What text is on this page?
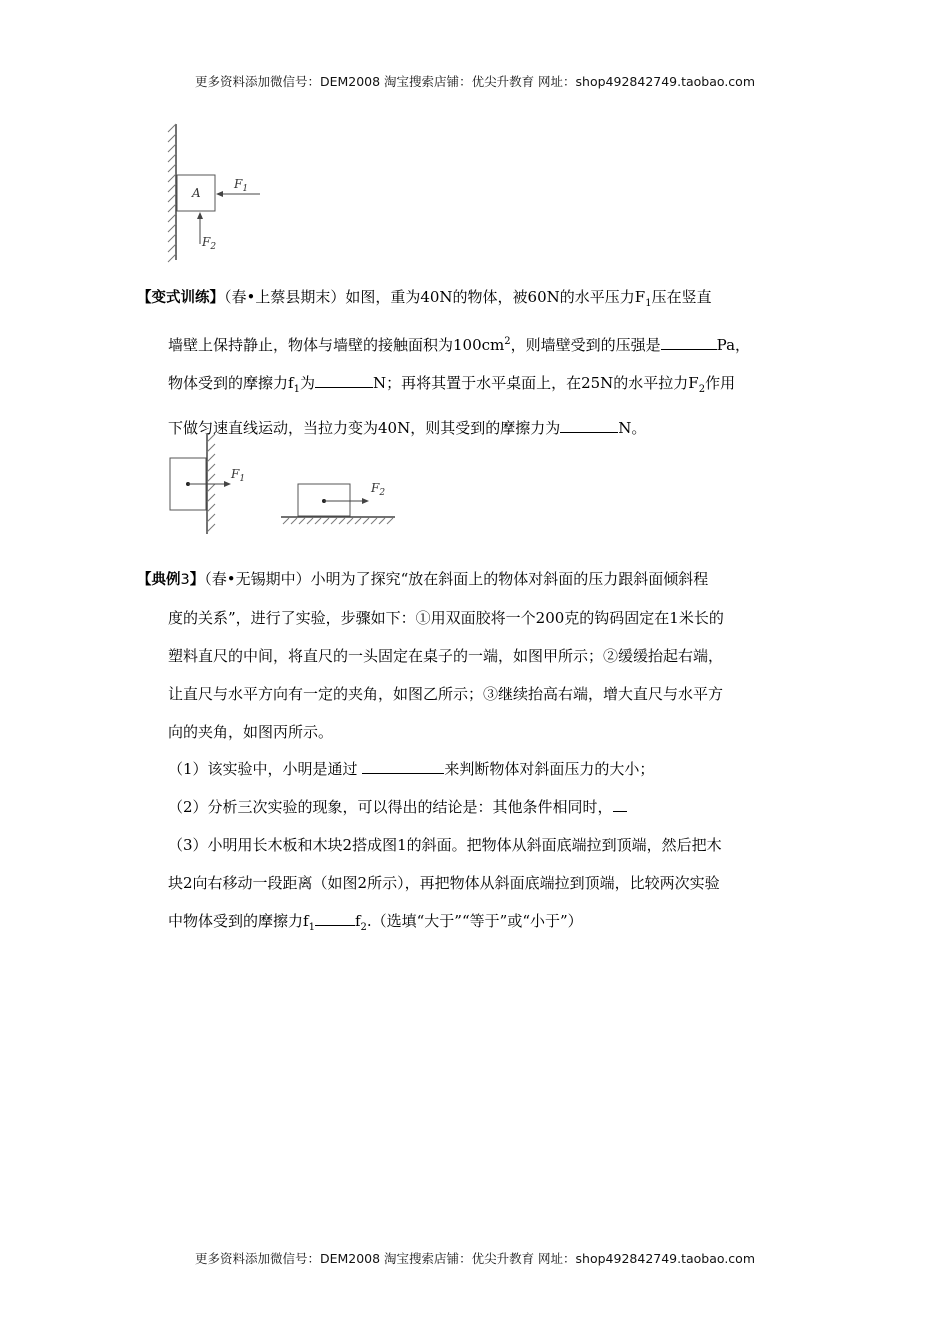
更多资料添加微信号：DEM2008 淘宝搜索店铺：优尖升教育 网址：shop492842749.taobao.com
A
$F_1$
$F_2$
【变式训练】（春•上蔡县期末）如图，重为40N的物体，被60N的水平压力$F_1$压在竖直
墙壁上保持静止，物体与墙壁的接触面积为$100cm^2$，则墙壁受到的压强是	Pa，
物体受到的摩擦力$f_1$为	N；再将其置于水平桌面上，在25N的水平拉力$F_2$作用
下做匀速直线运动，当拉力变为40N，则其受到的摩擦力为	N。
$F_1$
$F_2$
【典例3】（春•无锡期中）小明为了探究“放在斜面上的物体对斜面的压力跟斜面倾斜程
度的关系”，进行了实验，步骤如下：①用双面胶将一个200克的钩码固定在1米长的
塑料直尺的中间，将直尺的一头固定在桌子的一端，如图甲所示；②缓缓抬起右端，
让直尺与水平方向有一定的夹角，如图乙所示；③继续抬高右端，增大直尺与水平方
向的夹角，如图丙所示。
（1）该实验中，小明是通过	来判断物体对斜面压力的大小；
（2）分析三次实验的现象，可以得出的结论是：其他条件相同时，
（3）小明用长木板和木块2搭成图1的斜面。把物体从斜面底端拉到顶端，然后把木
块2向右移动一段距离（如图2所示），再把物体从斜面底端拉到顶端，比较两次实验
中物体受到的摩擦力$f_1$	$f_2$.（选填“大于”“等于”或“小于”）
更多资料添加微信号：DEM2008 淘宝搜索店铺：优尖升教育 网址：shop492842749.taobao.com
